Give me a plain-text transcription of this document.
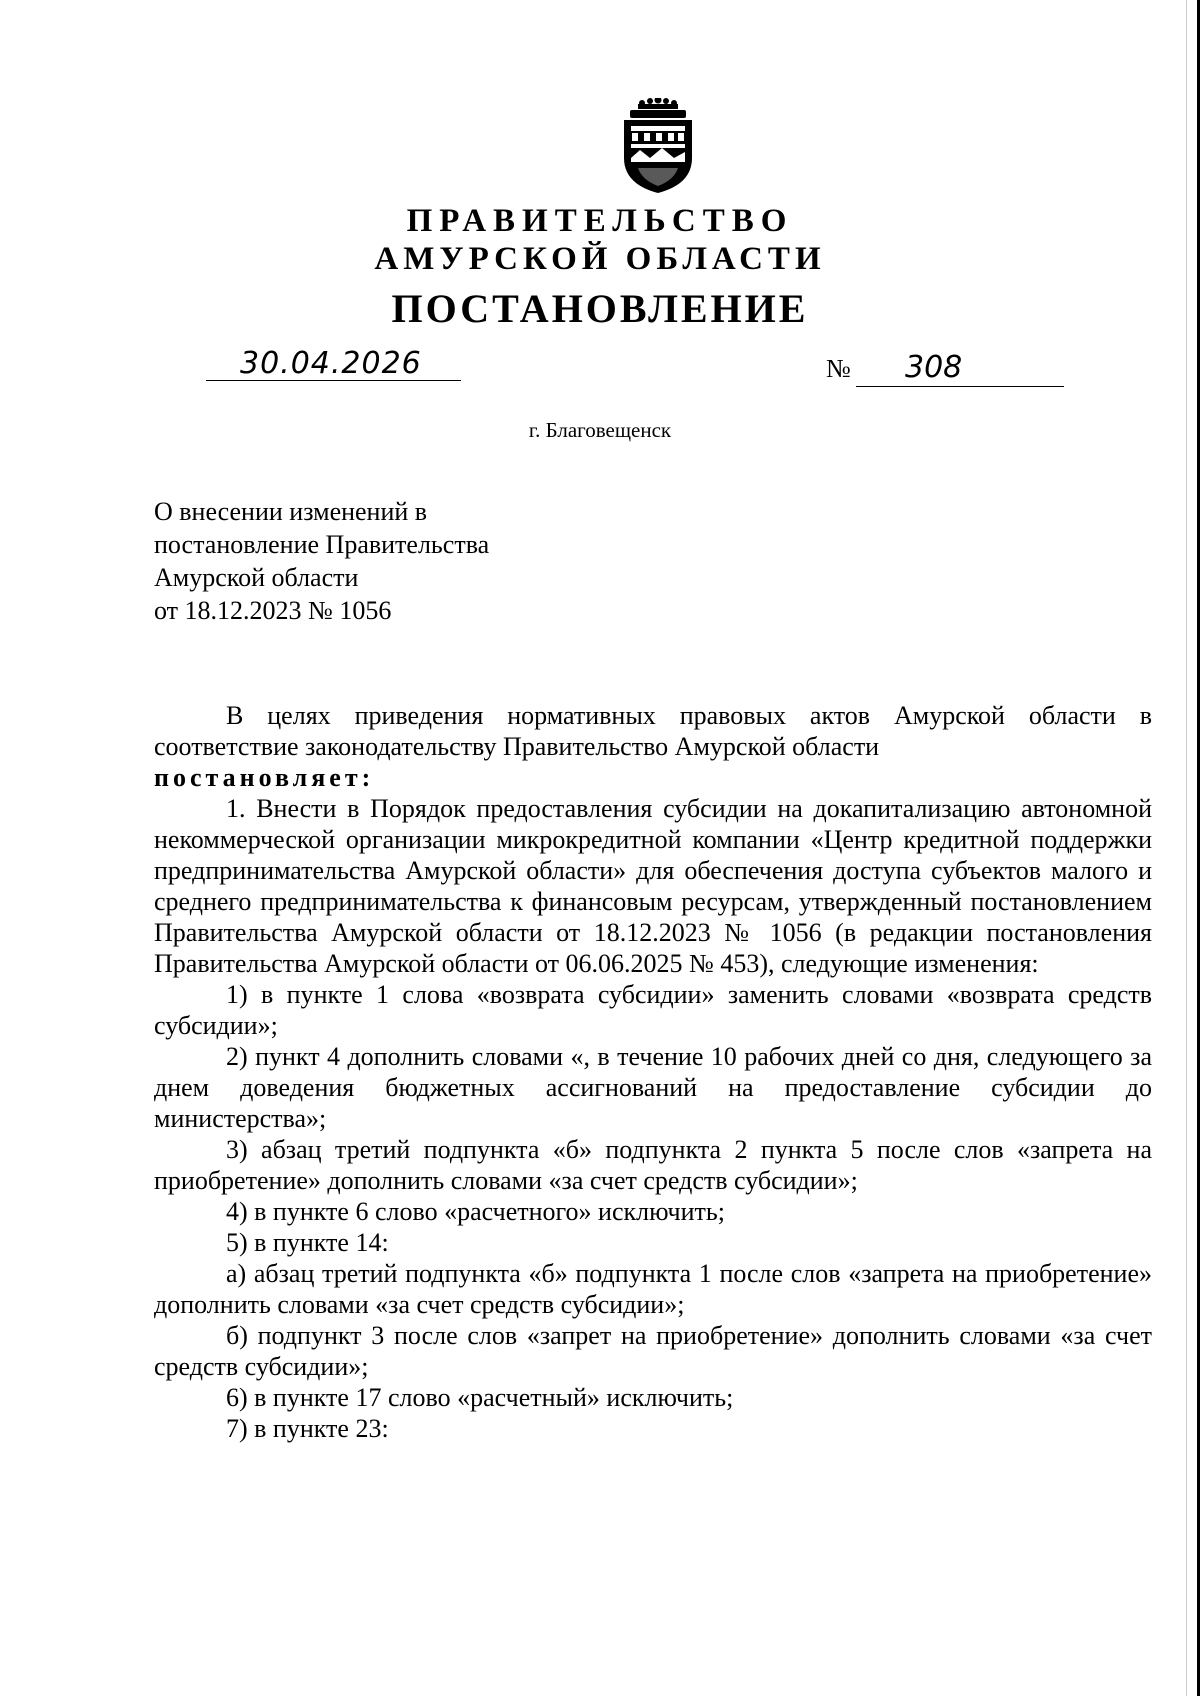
ПРАВИТЕЛЬСТВО
АМУРСКОЙ ОБЛАСТИ
ПОСТАНОВЛЕНИЕ
30.04.2026	№ 308
г. Благовещенск
О внесении изменений в
постановление Правительства
Амурской области
от 18.12.2023 № 1056

В целях приведения нормативных правовых актов Амурской области в соответствие законодательству Правительство Амурской области

постановляет:

1. Внести в Порядок предоставления субсидии на докапитализацию автономной некоммерческой организации микрокредитной компании «Центр кредитной поддержки предпринимательства Амурской области» для обеспечения доступа субъектов малого и среднего предпринимательства к финансовым ресурсам, утвержденный постановлением Правительства Амурской области от 18.12.2023 № 1056 (в редакции постановления Правительства Амурской области от 06.06.2025 № 453), следующие изменения:

1) в пункте 1 слова «возврата субсидии» заменить словами «возврата средств субсидии»;

2) пункт 4 дополнить словами «, в течение 10 рабочих дней со дня, следующего за днем доведения бюджетных ассигнований на предоставление субсидии до министерства»;

3) абзац третий подпункта «б» подпункта 2 пункта 5 после слов «запрета на приобретение» дополнить словами «за счет средств субсидии»;

4) в пункте 6 слово «расчетного» исключить;

5) в пункте 14:

а) абзац третий подпункта «б» подпункта 1 после слов «запрета на приобретение» дополнить словами «за счет средств субсидии»;

б) подпункт 3 после слов «запрет на приобретение» дополнить словами «за счет средств субсидии»;

6) в пункте 17 слово «расчетный» исключить;

7) в пункте 23:
